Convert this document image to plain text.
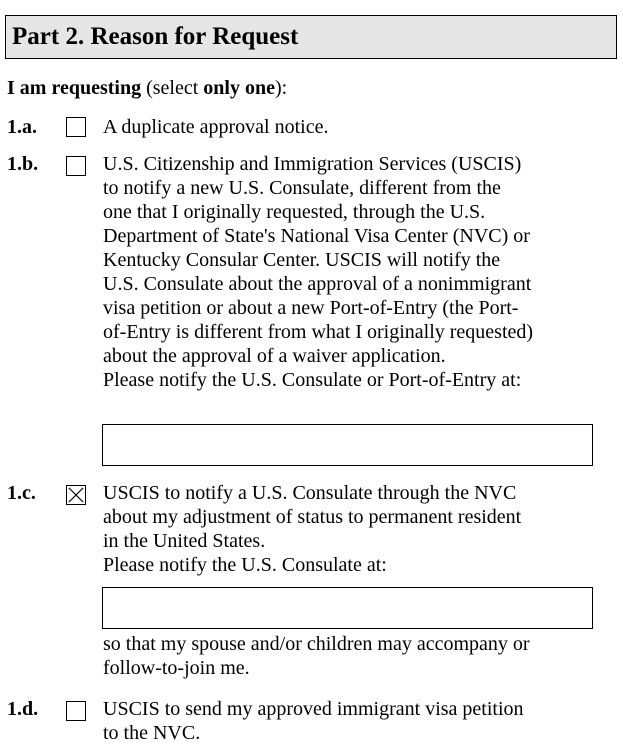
Part 2. Reason for Request
I am requesting (select only one):
1.a.	A duplicate approval notice.
1.b.	U.S. Citizenship and Immigration Services (USCIS)
to notify a new U.S. Consulate, different from the
one that I originally requested, through the U.S.
Department of State's National Visa Center (NVC) or
Kentucky Consular Center. USCIS will notify the
U.S. Consulate about the approval of a nonimmigrant
visa petition or about a new Port-of-Entry (the Port-
of-Entry is different from what I originally requested)
about the approval of a waiver application.
Please notify the U.S. Consulate or Port-of-Entry at:
1.c.	USCIS to notify a U.S. Consulate through the NVC
about my adjustment of status to permanent resident
in the United States.
Please notify the U.S. Consulate at:
so that my spouse and/or children may accompany or
follow-to-join me.
1.d.	USCIS to send my approved immigrant visa petition
to the NVC.
